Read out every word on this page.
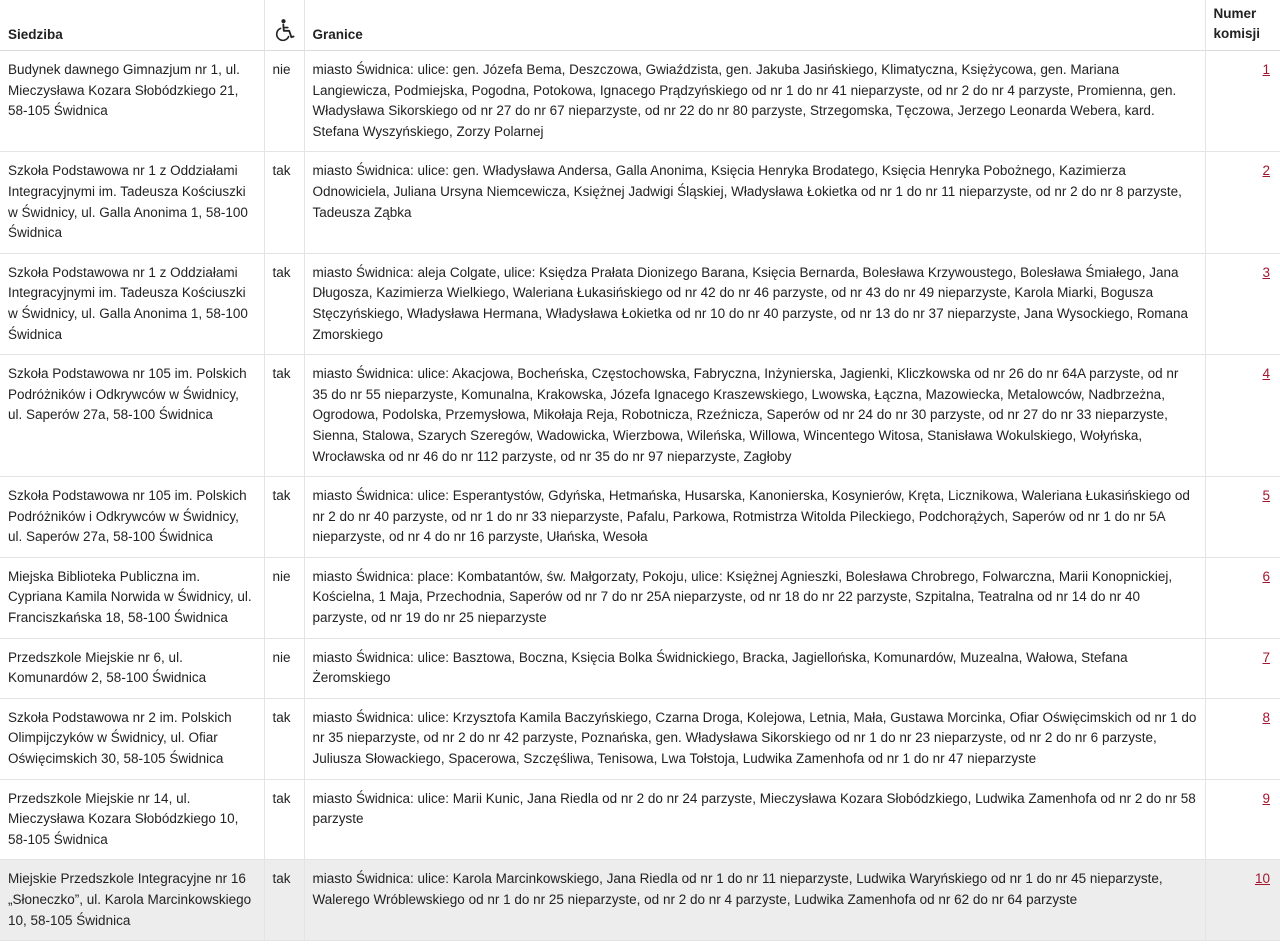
Siedziba		Granice	Numer komisji
Budynek dawnego Gimnazjum nr 1, ul. Mieczysława Kozara Słobódzkiego 21, 58-105 Świdnica	nie	miasto Świdnica: ulice: gen. Józefa Bema, Deszczowa, Gwiaździsta, gen. Jakuba Jasińskiego, Klimatyczna, Księżycowa, gen. Mariana Langiewicza, Podmiejska, Pogodna, Potokowa, Ignacego Prądzyńskiego od nr 1 do nr 41 nieparzyste, od nr 2 do nr 4 parzyste, Promienna, gen. Władysława Sikorskiego od nr 27 do nr 67 nieparzyste, od nr 22 do nr 80 parzyste, Strzegomska, Tęczowa, Jerzego Leonarda Webera, kard. Stefana Wyszyńskiego, Zorzy Polarnej	1
Szkoła Podstawowa nr 1 z Oddziałami Integracyjnymi im. Tadeusza Kościuszki w Świdnicy, ul. Galla Anonima 1, 58-100 Świdnica	tak	miasto Świdnica: ulice: gen. Władysława Andersa, Galla Anonima, Księcia Henryka Brodatego, Księcia Henryka Pobożnego, Kazimierza Odnowiciela, Juliana Ursyna Niemcewicza, Księżnej Jadwigi Śląskiej, Władysława Łokietka od nr 1 do nr 11 nieparzyste, od nr 2 do nr 8 parzyste, Tadeusza Ząbka	2
Szkoła Podstawowa nr 1 z Oddziałami Integracyjnymi im. Tadeusza Kościuszki w Świdnicy, ul. Galla Anonima 1, 58-100 Świdnica	tak	miasto Świdnica: aleja Colgate, ulice: Księdza Prałata Dionizego Barana, Księcia Bernarda, Bolesława Krzywoustego, Bolesława Śmiałego, Jana Długosza, Kazimierza Wielkiego, Waleriana Łukasińskiego od nr 42 do nr 46 parzyste, od nr 43 do nr 49 nieparzyste, Karola Miarki, Bogusza Stęczyńskiego, Władysława Hermana, Władysława Łokietka od nr 10 do nr 40 parzyste, od nr 13 do nr 37 nieparzyste, Jana Wysockiego, Romana Zmorskiego	3
Szkoła Podstawowa nr 105 im. Polskich Podróżników i Odkrywców w Świdnicy, ul. Saperów 27a, 58-100 Świdnica	tak	miasto Świdnica: ulice: Akacjowa, Bocheńska, Częstochowska, Fabryczna, Inżynierska, Jagienki, Kliczkowska od nr 26 do nr 64A parzyste, od nr 35 do nr 55 nieparzyste, Komunalna, Krakowska, Józefa Ignacego Kraszewskiego, Lwowska, Łączna, Mazowiecka, Metalowców, Nadbrzeżna, Ogrodowa, Podolska, Przemysłowa, Mikołaja Reja, Robotnicza, Rzeźnicza, Saperów od nr 24 do nr 30 parzyste, od nr 27 do nr 33 nieparzyste, Sienna, Stalowa, Szarych Szeregów, Wadowicka, Wierzbowa, Wileńska, Willowa, Wincentego Witosa, Stanisława Wokulskiego, Wołyńska, Wrocławska od nr 46 do nr 112 parzyste, od nr 35 do nr 97 nieparzyste, Zagłoby	4
Szkoła Podstawowa nr 105 im. Polskich Podróżników i Odkrywców w Świdnicy, ul. Saperów 27a, 58-100 Świdnica	tak	miasto Świdnica: ulice: Esperantystów, Gdyńska, Hetmańska, Husarska, Kanonierska, Kosynierów, Kręta, Licznikowa, Waleriana Łukasińskiego od nr 2 do nr 40 parzyste, od nr 1 do nr 33 nieparzyste, Pafalu, Parkowa, Rotmistrza Witolda Pileckiego, Podchorążych, Saperów od nr 1 do nr 5A nieparzyste, od nr 4 do nr 16 parzyste, Ułańska, Wesoła	5
Miejska Biblioteka Publiczna im. Cypriana Kamila Norwida w Świdnicy, ul. Franciszkańska 18, 58-100 Świdnica	nie	miasto Świdnica: place: Kombatantów, św. Małgorzaty, Pokoju, ulice: Księżnej Agnieszki, Bolesława Chrobrego, Folwarczna, Marii Konopnickiej, Kościelna, 1 Maja, Przechodnia, Saperów od nr 7 do nr 25A nieparzyste, od nr 18 do nr 22 parzyste, Szpitalna, Teatralna od nr 14 do nr 40 parzyste, od nr 19 do nr 25 nieparzyste	6
Przedszkole Miejskie nr 6, ul. Komunardów 2, 58-100 Świdnica	nie	miasto Świdnica: ulice: Basztowa, Boczna, Księcia Bolka Świdnickiego, Bracka, Jagiellońska, Komunardów, Muzealna, Wałowa, Stefana Żeromskiego	7
Szkoła Podstawowa nr 2 im. Polskich Olimpijczyków w Świdnicy, ul. Ofiar Oświęcimskich 30, 58-105 Świdnica	tak	miasto Świdnica: ulice: Krzysztofa Kamila Baczyńskiego, Czarna Droga, Kolejowa, Letnia, Mała, Gustawa Morcinka, Ofiar Oświęcimskich od nr 1 do nr 35 nieparzyste, od nr 2 do nr 42 parzyste, Poznańska, gen. Władysława Sikorskiego od nr 1 do nr 23 nieparzyste, od nr 2 do nr 6 parzyste, Juliusza Słowackiego, Spacerowa, Szczęśliwa, Tenisowa, Lwa Tołstoja, Ludwika Zamenhofa od nr 1 do nr 47 nieparzyste	8
Przedszkole Miejskie nr 14, ul. Mieczysława Kozara Słobódzkiego 10, 58-105 Świdnica	tak	miasto Świdnica: ulice: Marii Kunic, Jana Riedla od nr 2 do nr 24 parzyste, Mieczysława Kozara Słobódzkiego, Ludwika Zamenhofa od nr 2 do nr 58 parzyste	9
Miejskie Przedszkole Integracyjne nr 16 „Słoneczko”, ul. Karola Marcinkowskiego 10, 58-105 Świdnica	tak	miasto Świdnica: ulice: Karola Marcinkowskiego, Jana Riedla od nr 1 do nr 11 nieparzyste, Ludwika Waryńskiego od nr 1 do nr 45 nieparzyste, Walerego Wróblewskiego od nr 1 do nr 25 nieparzyste, od nr 2 do nr 4 parzyste, Ludwika Zamenhofa od nr 62 do nr 64 parzyste	10
